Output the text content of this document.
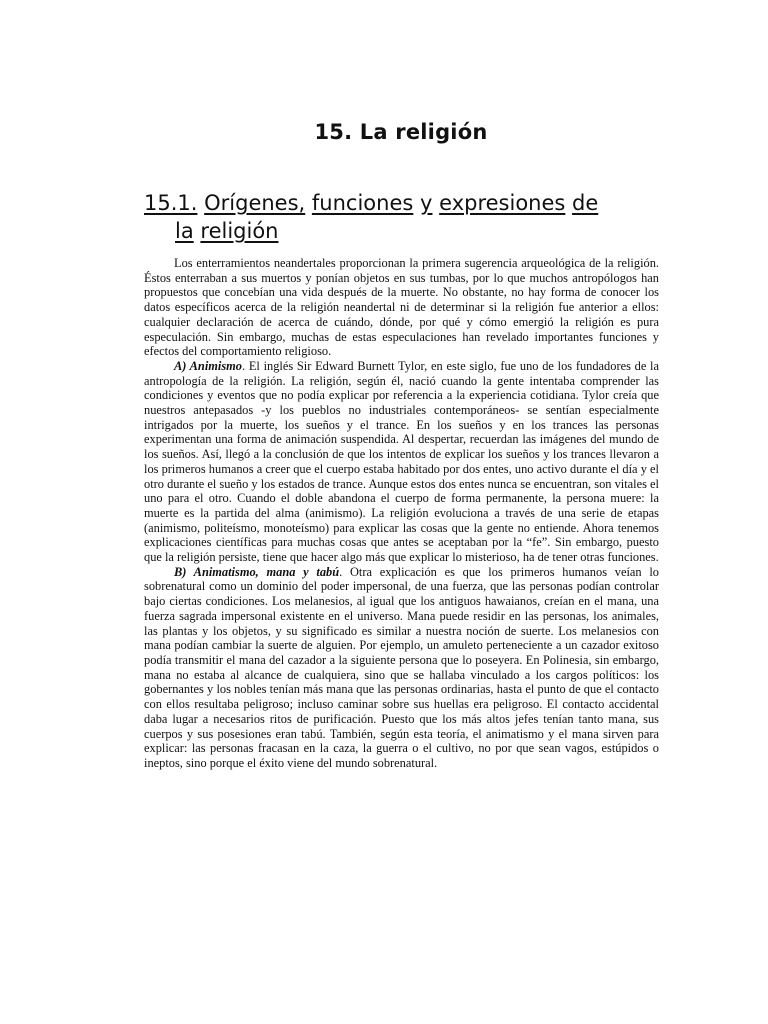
15. La religión
15.1. Orígenes, funciones y expresiones de
la religión

Los enterramientos neandertales proporcionan la primera sugerencia arqueológica de la religión. Éstos enterraban a sus muertos y ponían objetos en sus tumbas, por lo que muchos antropólogos han propuestos que concebían una vida después de la muerte. No obstante, no hay forma de conocer los datos específicos acerca de la religión neandertal ni de determinar si la religión fue anterior a ellos: cualquier declaración de acerca de cuándo, dónde, por qué y cómo emergió la religión es pura especulación. Sin embargo, muchas de estas especulaciones han revelado importantes funciones y efectos del comportamiento religioso.

A) Animismo. El inglés Sir Edward Burnett Tylor, en este siglo, fue uno de los fundadores de la antropología de la religión. La religión, según él, nació cuando la gente intentaba comprender las condiciones y eventos que no podía explicar por referencia a la experiencia cotidiana. Tylor creía que nuestros antepasados -y los pueblos no industriales contemporáneos- se sentían especialmente intrigados por la muerte, los sueños y el trance. En los sueños y en los trances las personas experimentan una forma de animación suspendida. Al despertar, recuerdan las imágenes del mundo de los sueños. Así, llegó a la conclusión de que los intentos de explicar los sueños y los trances llevaron a los primeros humanos a creer que el cuerpo estaba habitado por dos entes, uno activo durante el día y el otro durante el sueño y los estados de trance. Aunque estos dos entes nunca se encuentran, son vitales el uno para el otro. Cuando el doble abandona el cuerpo de forma permanente, la persona muere: la muerte es la partida del alma (animismo). La religión evoluciona a través de una serie de etapas (animismo, politeísmo, monoteísmo) para explicar las cosas que la gente no entiende. Ahora tenemos explicaciones científicas para muchas cosas que antes se aceptaban por la “fe”. Sin embargo, puesto que la religión persiste, tiene que hacer algo más que explicar lo misterioso, ha de tener otras funciones.

B) Animatismo, mana y tabú. Otra explicación es que los primeros humanos veían lo sobrenatural como un dominio del poder impersonal, de una fuerza, que las personas podían controlar bajo ciertas condiciones. Los melanesios, al igual que los antiguos hawaianos, creían en el mana, una fuerza sagrada impersonal existente en el universo. Mana puede residir en las personas, los animales, las plantas y los objetos, y su significado es similar a nuestra noción de suerte. Los melanesios con mana podían cambiar la suerte de alguien. Por ejemplo, un amuleto perteneciente a un cazador exitoso podía transmitir el mana del cazador a la siguiente persona que lo poseyera. En Polinesia, sin embargo, mana no estaba al alcance de cualquiera, sino que se hallaba vinculado a los cargos políticos: los gobernantes y los nobles tenían más mana que las personas ordinarias, hasta el punto de que el contacto con ellos resultaba peligroso; incluso caminar sobre sus huellas era peligroso. El contacto accidental daba lugar a necesarios ritos de purificación. Puesto que los más altos jefes tenían tanto mana, sus cuerpos y sus posesiones eran tabú. También, según esta teoría, el animatismo y el mana sirven para explicar: las personas fracasan en la caza, la guerra o el cultivo, no por que sean vagos, estúpidos o ineptos, sino porque el éxito viene del mundo sobrenatural.
